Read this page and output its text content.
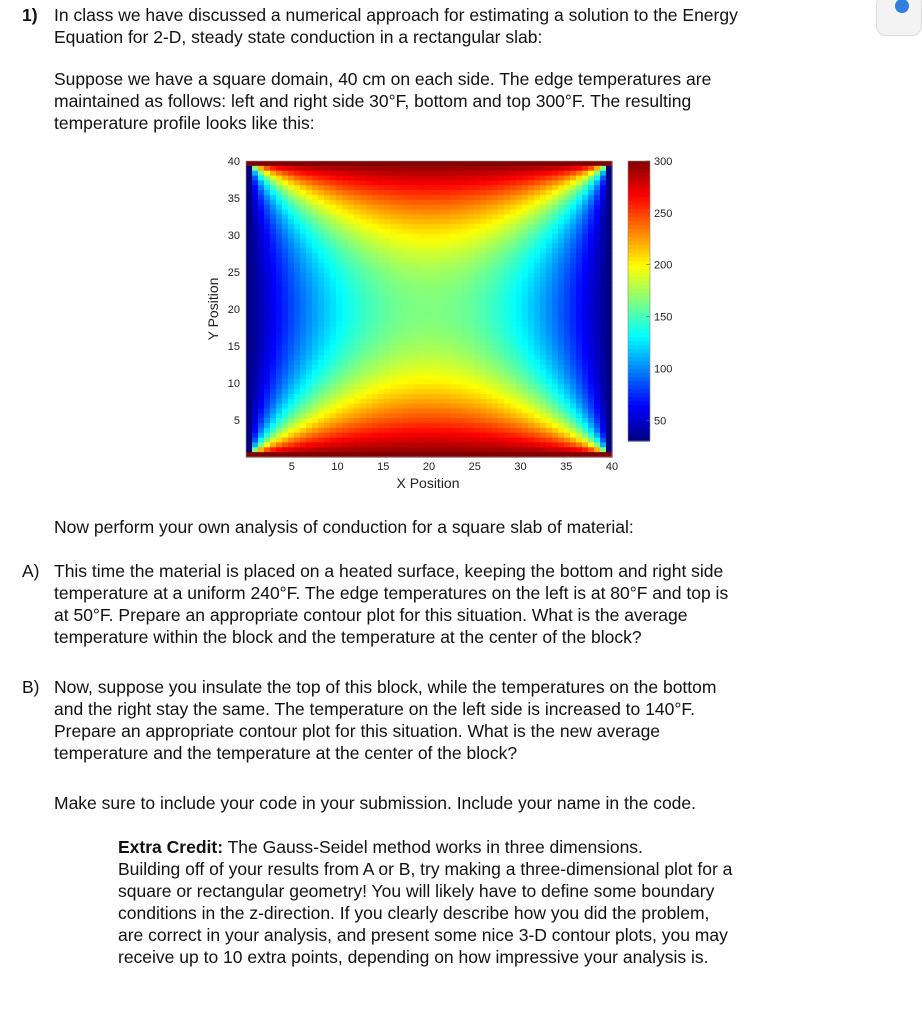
1) In class we have discussed a numerical approach for estimating a solution to the Energy

Equation for 2-D, steady state conduction in a rectangular slab:

Suppose we have a square domain, 40 cm on each side. The edge temperatures are

maintained as follows: left and right side 30°F, bottom and top 300°F. The resulting

temperature profile looks like this:

50
100
150
200
250
300
5	10	15	20	25	30	35	40
5
10
15
20
25
30
35
40
X Position
Y Position

Now perform your own analysis of conduction for a square slab of material:

A) This time the material is placed on a heated surface, keeping the bottom and right side

temperature at a uniform 240°F. The edge temperatures on the left is at 80°F and top is

at 50°F. Prepare an appropriate contour plot for this situation. What is the average

temperature within the block and the temperature at the center of the block?

B) Now, suppose you insulate the top of this block, while the temperatures on the bottom

and the right stay the same. The temperature on the left side is increased to 140°F.

Prepare an appropriate contour plot for this situation. What is the new average

temperature and the temperature at the center of the block?

Make sure to include your code in your submission. Include your name in the code.

Extra Credit: The Gauss-Seidel method works in three dimensions.

Building off of your results from A or B, try making a three-dimensional plot for a

square or rectangular geometry! You will likely have to define some boundary

conditions in the z-direction. If you clearly describe how you did the problem,

are correct in your analysis, and present some nice 3-D contour plots, you may

receive up to 10 extra points, depending on how impressive your analysis is.
